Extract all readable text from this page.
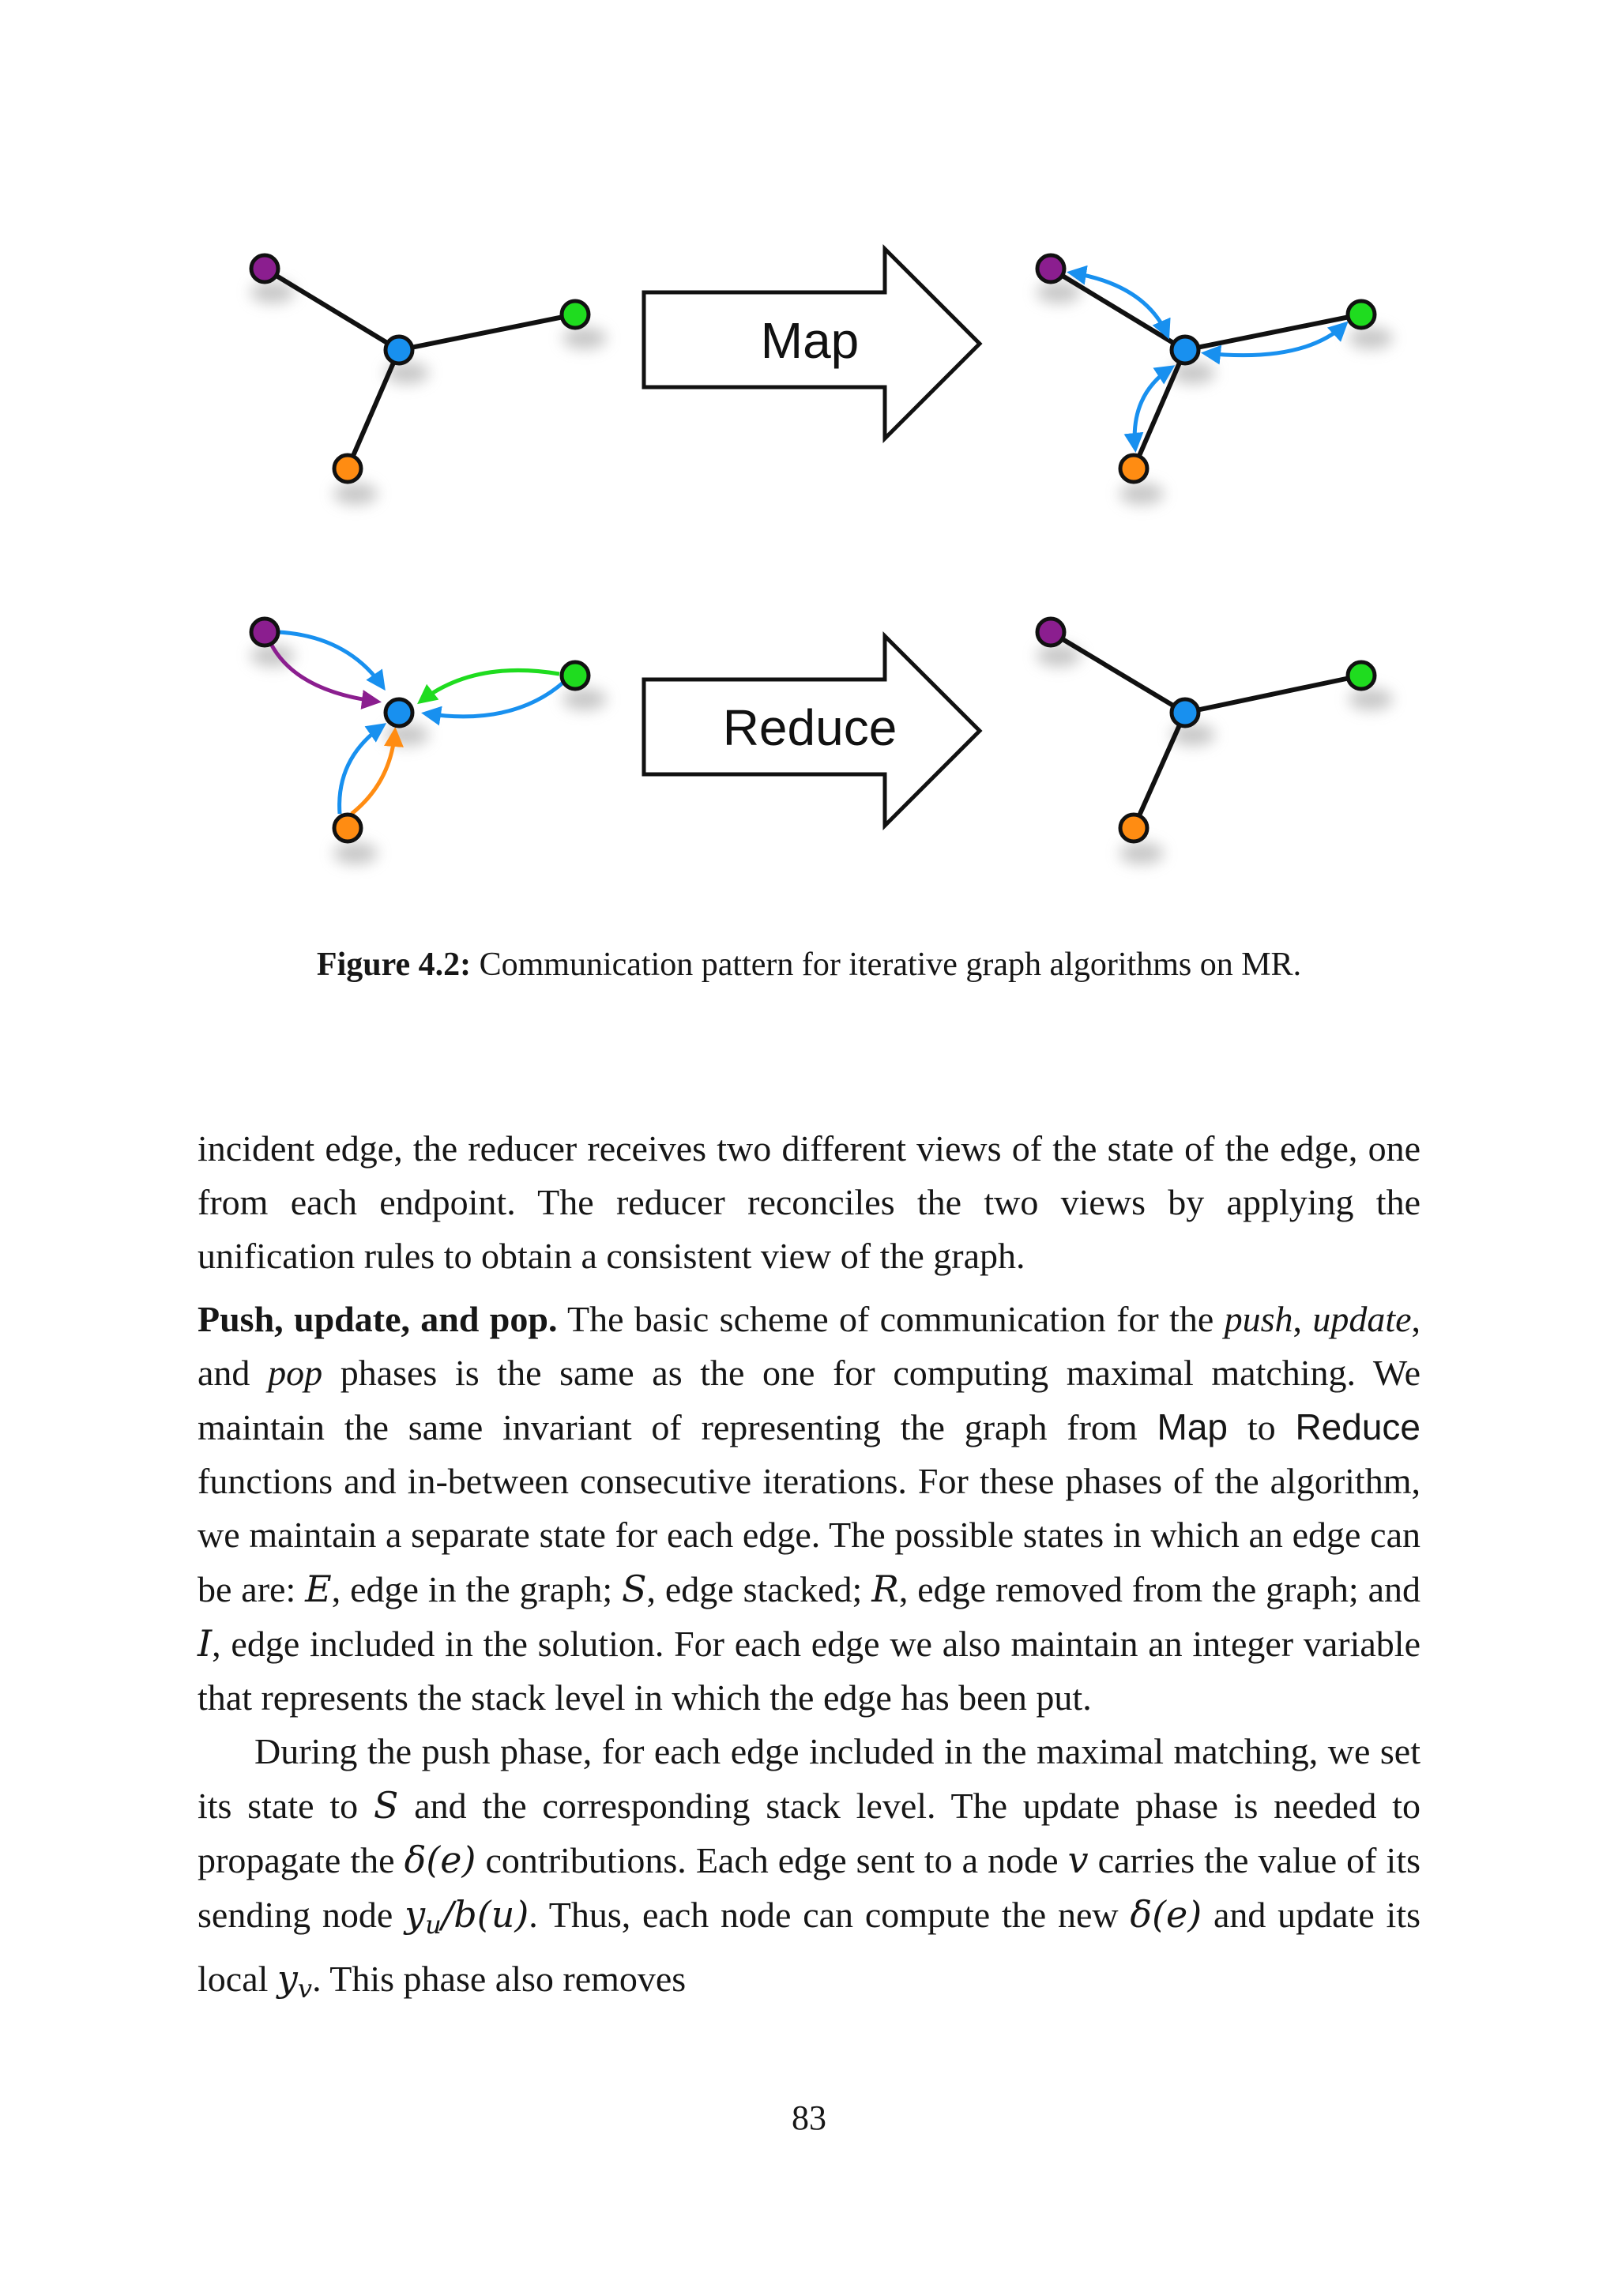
Map
Reduce
Figure 4.2: Communication pattern for iterative graph algorithms on MR.

incident edge, the reducer receives two different views of the state of the edge, one from each endpoint. The reducer reconciles the two views by applying the unification rules to obtain a consistent view of the graph.

Push, update, and pop. The basic scheme of communication for the push, update, and pop phases is the same as the one for computing maximal matching. We maintain the same invariant of representing the graph from Map to Reduce functions and in-between consecutive iterations. For these phases of the algorithm, we maintain a separate state for each edge. The possible states in which an edge can be are: E, edge in the graph; S, edge stacked; R, edge removed from the graph; and I, edge included in the solution. For each edge we also maintain an integer variable that represents the stack level in which the edge has been put.

During the push phase, for each edge included in the maximal matching, we set its state to S and the corresponding stack level. The update phase is needed to propagate the δ(e) contributions. Each edge sent to a node v carries the value of its sending node $y_u/b(u)$. Thus, each node can compute the new δ(e) and update its local $y_v$. This phase also removes

83
